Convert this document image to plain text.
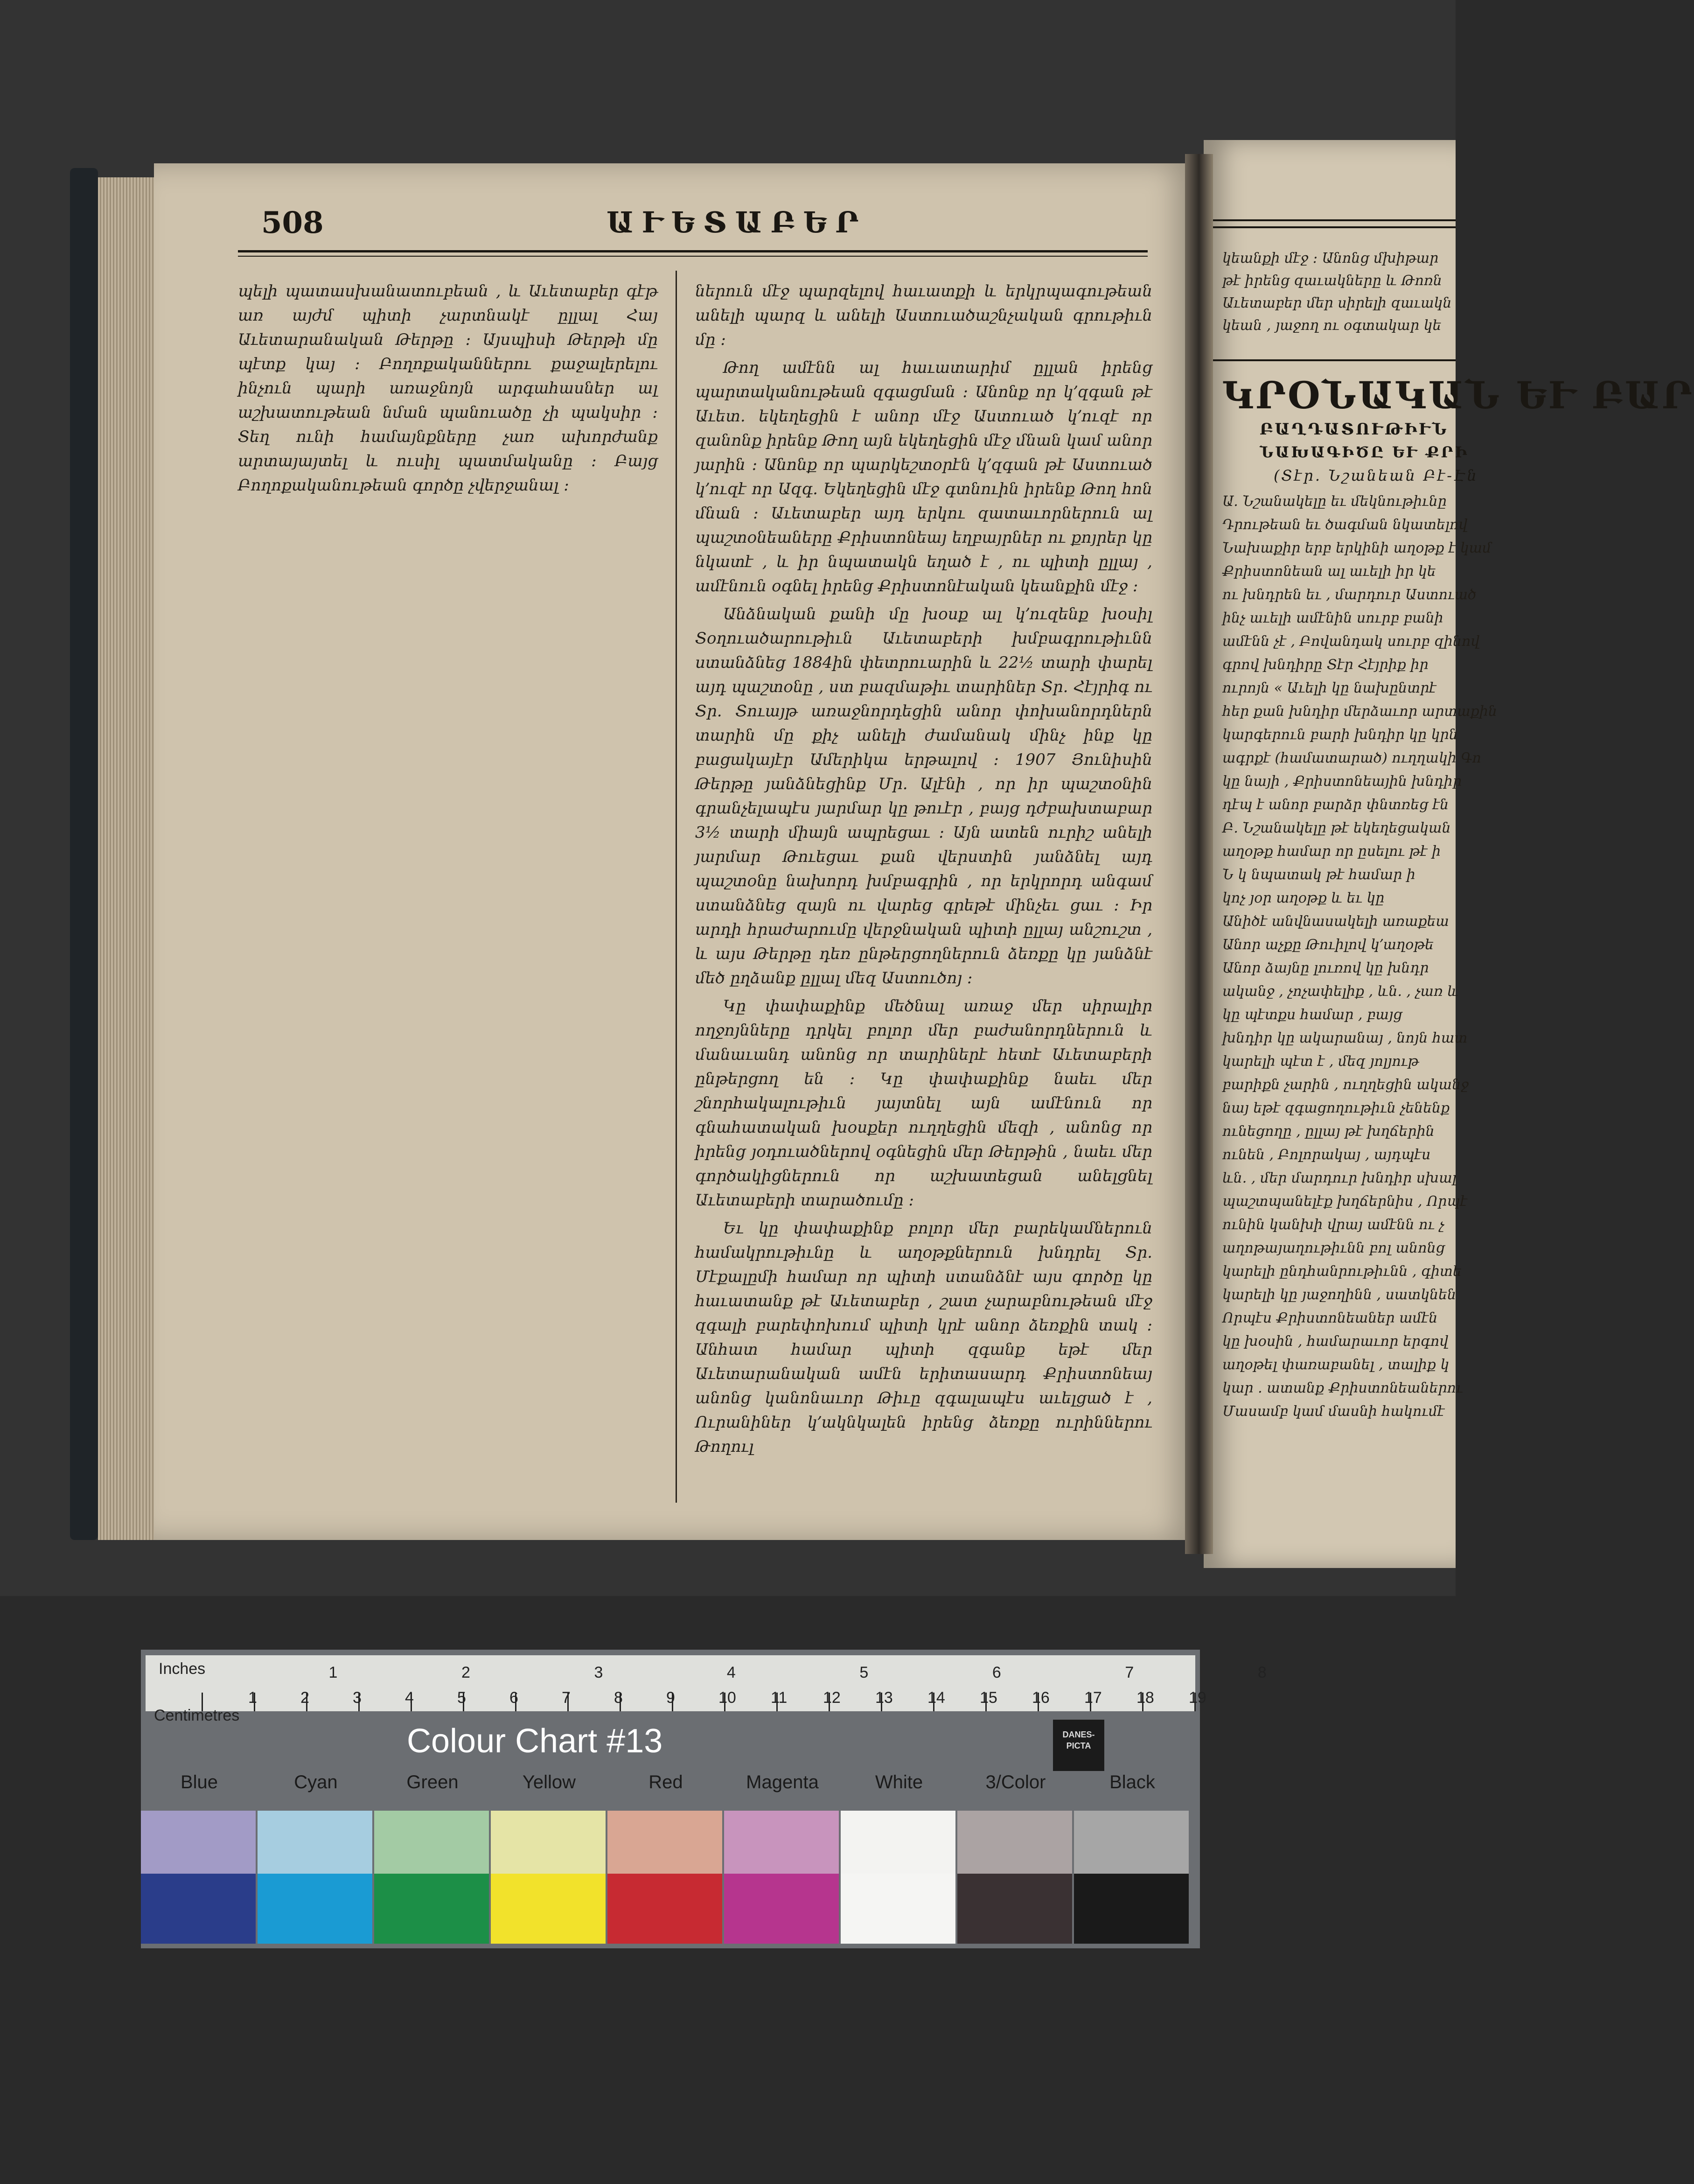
կեանքի մէջ ։ Անոնց մխիթար
թէ իրենց զաւակները և Թոռն
Աւետաբեր մեր սիրելի զաւակն
կեան , յաջող ու օգտակար կե
ԿՐՕՆԱԿԱՆ ԵՒ ԲԱՐ
ԲԱՂԴԱՏՈՒԹԻՒՆ
ՆԱԽԱԳԻԾԸ ԵՒ ՔՐԻ
(Տէր. Նշանեան Բէ-Էն
Ա. Նշանակելը եւ մեկնութիւնը
Դրութեան եւ ծագման նկատելով
Նախաքիր երբ երկինի աղօթք է կամ
Քրիստոնեան ալ աւելի իր կե
ու խնդրեն եւ , մարդուր Աստուած
ինչ աւելի ամէնին սուրբ բանի
ամէնն չէ , Բովանդակ սուրբ զինով
գրով խնդիրը Տէր Հէյրիք իր
ուրոյն « Աւելի կը նախընտրէ
հեր քան խնդիր մերձաւոր արտաքին
կարգերուն բարի խնդիր կը կրն
ագրքէ (համատարած) ուղղակի Գո
կը նայի , Քրիստոնեային խնդիր
դէպ է անոր բարձր փնտռեց էն
Բ. Նշանակելը թէ եկեղեցական
աղօթք համար որ ըսելու թէ ի
Ն կ նպատակ թէ համար ի
կոչ յօր աղօթք և եւ կը
Անիծէ անվնասակելի առաքեա
Անոր աչքը Թուիլով կ՚աղօթե
Անոր ձայնը լուռով կը խնդր
ականջ , չոչափելիք , ևն. , չառ և
կը պէտքս համար , բայց
խնդիր կը ակարանայ , նոյն հատ
կարելի պէտ է , մեզ յոլյութ
բարիքն չարին , ուղղեցին ականջ
նայ եթէ զգացողութիւն չենենք
ունեցողը , ըլլայ թէ խղճերին
ունեն , Բոլորակայ , այդպէս
ևն. , մեր մարդուր խնդիր սխալ
պաշտպանելէք խղճերնիս , Որպէ
ունին կանխի վրայ ամէնն ու չ
աղոթայաղութիւնն բոլ անոնց
կարելի ընդհանրութիւնն , գիտե
կարելի կը յաջողինն , սատկնեն
Որպէս Քրիստոնեաներ ամէն
կը խօսին , համարաւոր երգով
աղօթել փառաբանել , տալիք կ
կար . ատանք Քրիստոնեաներու
Մասամբ կամ մասնի հակումէ
508	ԱՒԵՏԱԲԵՐ

պելի պատասխանատուբեան , և Աւետաբեր գէթ առ այժմ պիտի չարտնակէ ըլլալ Հայ Աւետարանական Թերթը ։ Այսպիսի Թերթի մը պէտք կայ ։ Բողոքականներու քաջալերելու ինչուն պարի առաջնոյն արգահասներ ալ աշխատութեան նման պանուածը չի պակսիր ։ Տեղ ունի համայնքները չառ ախորժանք արտայայտել և ուսիլ պատմականը ։ Բայց Բողոքականութեան գործը չվերջանալ ։

ներուն մէջ պարզելով հաւատքի և երկրպագութեան անելի պարզ և անելի Աստուածաշնչական գրութիւն մը ։

Թող ամէնն ալ հաւատարիմ ըլլան իրենց պարտականութեան զգացման ։ Անոնք որ կ՚զգան թէ Աւետ. եկեղեցին է անոր մէջ Աստուած կ՚ուզէ որ զանոնք իրենք Թող այն եկեղեցին մէջ մնան կամ անոր յարին ։ Անոնք որ պարկեշտօրէն կ՚զգան թէ Աստուած կ՚ուզէ որ Ազգ. Եկեղեցին մէջ գտնուին իրենք Թող հոն մնան ։ Աւետաբեր այդ երկու զատաւորներուն ալ պաշտօնեաները Քրիստոնեայ եղբայրներ ու քոյրեր կը նկատէ , և իր նպատակն եղած է , ու պիտի ըլլայ , ամէնուն օգնել իրենց Քրիստոնէական կեանքին մէջ ։

Անձնական քանի մը խօսք ալ կ՚ուզենք խօսիլ Տօղուածարութիւն Աւետաբերի խմբագրութիւնն ստանձնեց 1884ին փետրուարին և 22½ տարի փարել այդ պաշտօնը , ստ բազմաթիւ տարիներ Տր. Հէյրիգ ու Տր. Տուայթ առաջնորդեցին անոր փոխանորդներն տարին մը քիչ անելի ժամանակ մինչ ինք կը բացակայէր Ամերիկա երթալով ։ 1907 Յունիսին Թերթը յանձնեցինք Մր. Ալէնի , որ իր պաշտօնին գրանչելապէս յարմար կը թուէր , բայց դժբախտաբար 3½ տարի միայն ապրեցաւ ։ Այն ատեն ուրիշ անելի յարմար Թուեցաւ քան վերստին յանձնել այդ պաշտօնը նախորդ խմբագրին , որ երկրորդ անգամ ստանձնեց զայն ու վարեց գրեթէ մինչեւ ցաւ ։ Իր արդի հրաժարումը վերջնական պիտի ըլլայ անշուշտ , և այս Թերթը դեռ ընթերցողներուն ձեռքը կը յանձնէ մեծ ըղձանք ըլլալ մեզ Աստուծոյ ։

Կը փափաքինք մեծնալ առաջ մեր սիրալիր ողջոյնները դրկել բոլոր մեր բաժանորդներուն և մանաւանդ անոնց որ տարիներէ հետէ Աւետաբերի ընթերցող են ։ Կը փափաքինք նաեւ մեր շնորհակալութիւն յայտնել այն ամէնուն որ գնահատական խօսքեր ուղղեցին մեզի , անոնց որ իրենց յօդուածներով օգնեցին մեր Թերթին , նաեւ մեր գործակիցներուն որ աշխատեցան անելցնել Աւետաբերի տարածումը ։

Եւ կը փափաքինք բոլոր մեր բարեկամներուն համակրութիւնը և աղօթքներուն խնդրել Տր. Մէքալըմի համար որ պիտի ստանձնէ այս գործը կը հաւատանք թէ Աւետաբեր , շատ չարաբնութեան մէջ զգալի բարեփոխում պիտի կրէ անոր ձեռքին տակ ։ Անհատ համար պիտի զգանք եթէ մեր Աւետարանական ամէն երիտասարդ Քրիստոնեայ անոնց կանոնաւոր Թիւը զգալապէս աւելցած է , Ուրանիներ կ՚ակնկալեն իրենց ձեռքը ուրիններու Թողուլ

Inches
1	2	3	4	5	6	7	8	9	10 11 12 13 14 15 16 17 18 19
1	2	3	4	5	6	7	8
Centimetres
Colour Chart #13	DANES-PICTA
Blue	Cyan	Green	Yellow	Red	Magenta	White	3/Color	Black
